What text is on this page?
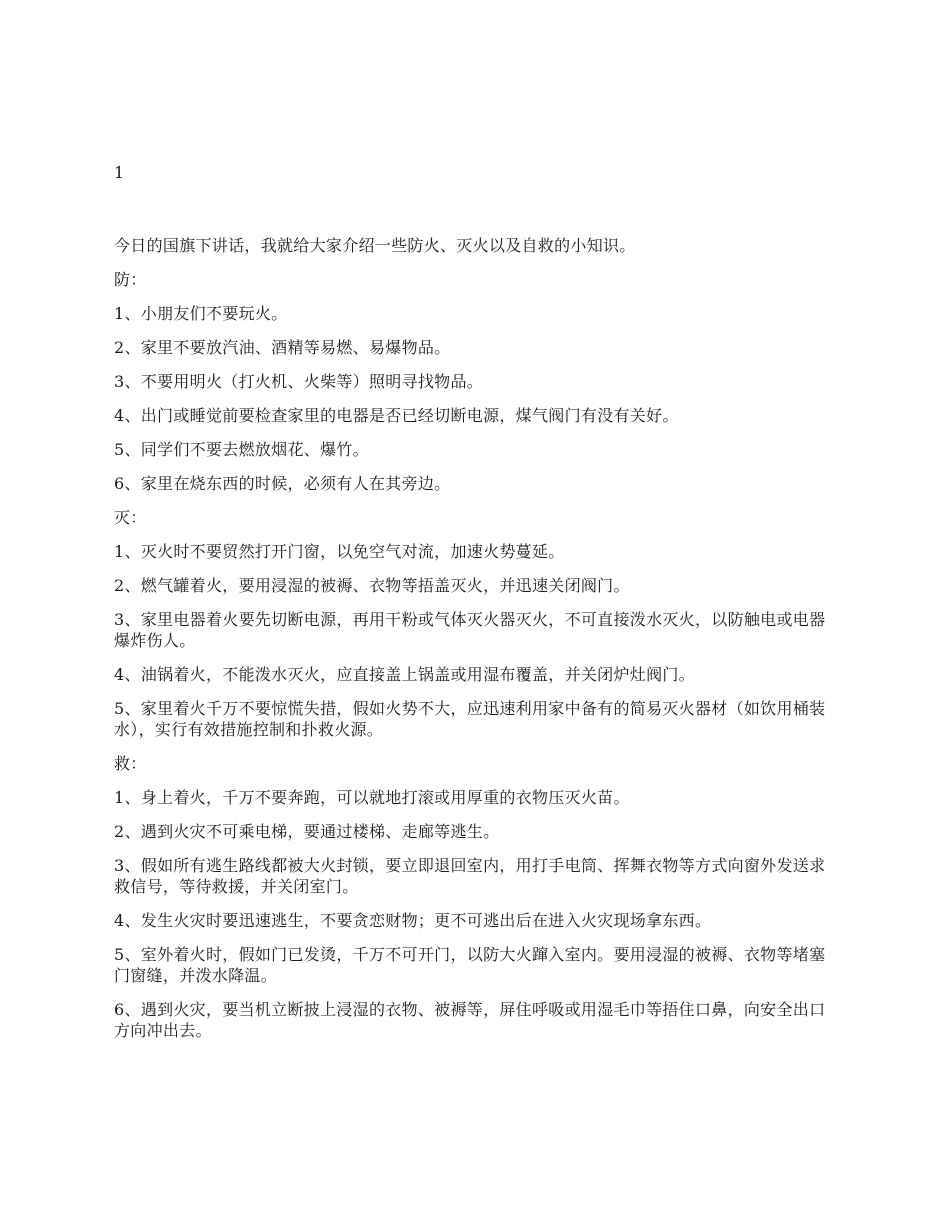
1

今日的国旗下讲话，我就给大家介绍一些防火、灭火以及自救的小知识。

防：

1、小朋友们不要玩火。

2、家里不要放汽油、酒精等易燃、易爆物品。

3、不要用明火（打火机、火柴等）照明寻找物品。

4、出门或睡觉前要检查家里的电器是否已经切断电源，煤气阀门有没有关好。

5、同学们不要去燃放烟花、爆竹。

6、家里在烧东西的时候，必须有人在其旁边。

灭：

1、灭火时不要贸然打开门窗，以免空气对流，加速火势蔓延。

2、燃气罐着火，要用浸湿的被褥、衣物等捂盖灭火，并迅速关闭阀门。

3、家里电器着火要先切断电源，再用干粉或气体灭火器灭火，不可直接泼水灭火，以防触电或电器爆炸伤人。

4、油锅着火，不能泼水灭火，应直接盖上锅盖或用湿布覆盖，并关闭炉灶阀门。

5、家里着火千万不要惊慌失措，假如火势不大，应迅速利用家中备有的简易灭火器材（如饮用桶装水），实行有效措施控制和扑救火源。

救：

1、身上着火，千万不要奔跑，可以就地打滚或用厚重的衣物压灭火苗。

2、遇到火灾不可乘电梯，要通过楼梯、走廊等逃生。

3、假如所有逃生路线都被大火封锁，要立即退回室内，用打手电筒、挥舞衣物等方式向窗外发送求救信号，等待救援，并关闭室门。

4、发生火灾时要迅速逃生，不要贪恋财物；更不可逃出后在进入火灾现场拿东西。

5、室外着火时，假如门已发烫，千万不可开门，以防大火蹿入室内。要用浸湿的被褥、衣物等堵塞门窗缝，并泼水降温。

6、遇到火灾，要当机立断披上浸湿的衣物、被褥等，屏住呼吸或用湿毛巾等捂住口鼻，向安全出口方向冲出去。
